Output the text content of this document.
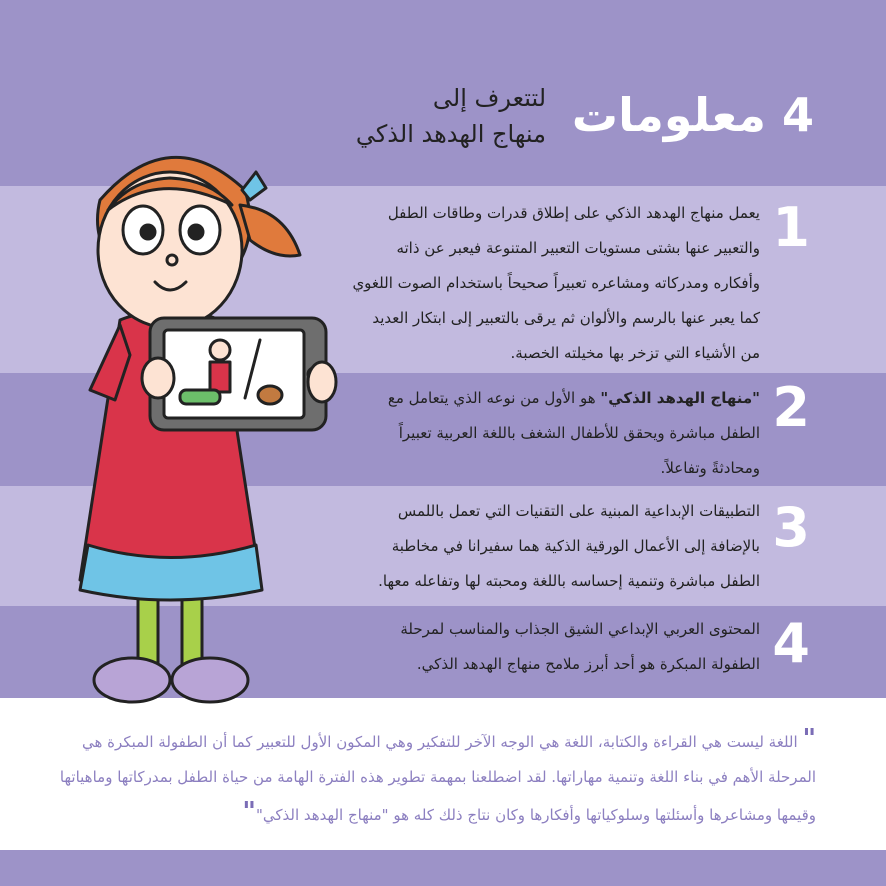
4 معلومات
لتتعرف إلى
منهاج الهدهد الذكي
1
يعمل منهاج الهدهد الذكي على إطلاق قدرات وطاقات الطفل والتعبير عنها بشتى مستويات التعبير المتنوعة فيعبر عن ذاته وأفكاره ومدركاته ومشاعره تعبيراً صحيحاً باستخدام الصوت اللغوي كما يعبر عنها بالرسم والألوان ثم يرقى بالتعبير إلى ابتكار العديد من الأشياء التي تزخر بها مخيلته الخصبة.
2
"منهاج الهدهد الذكي" هو الأول من نوعه الذي يتعامل مع الطفل مباشرة ويحقق للأطفال الشغف باللغة العربية تعبيراً ومحادثةً وتفاعلاً.
3
التطبيقات الإبداعية المبنية على التقنيات التي تعمل باللمس بالإضافة إلى الأعمال الورقية الذكية هما سفيرانا في مخاطبة الطفل مباشرة وتنمية إحساسه باللغة ومحبته لها وتفاعله معها.
4
المحتوى العربي الإبداعي الشيق الجذاب والمناسب لمرحلة الطفولة المبكرة هو أحد أبرز ملامح منهاج الهدهد الذكي.
" اللغة ليست هي القراءة والكتابة، اللغة هي الوجه الآخر للتفكير وهي المكون الأول للتعبير كما أن الطفولة المبكرة هي المرحلة الأهم في بناء اللغة وتنمية مهاراتها. لقد اضطلعنا بمهمة تطوير هذه الفترة الهامة من حياة الطفل بمدركاتها وماهياتها وقيمها ومشاعرها وأسئلتها وسلوكياتها وأفكارها وكان نتاج ذلك كله هو "منهاج الهدهد الذكي""
